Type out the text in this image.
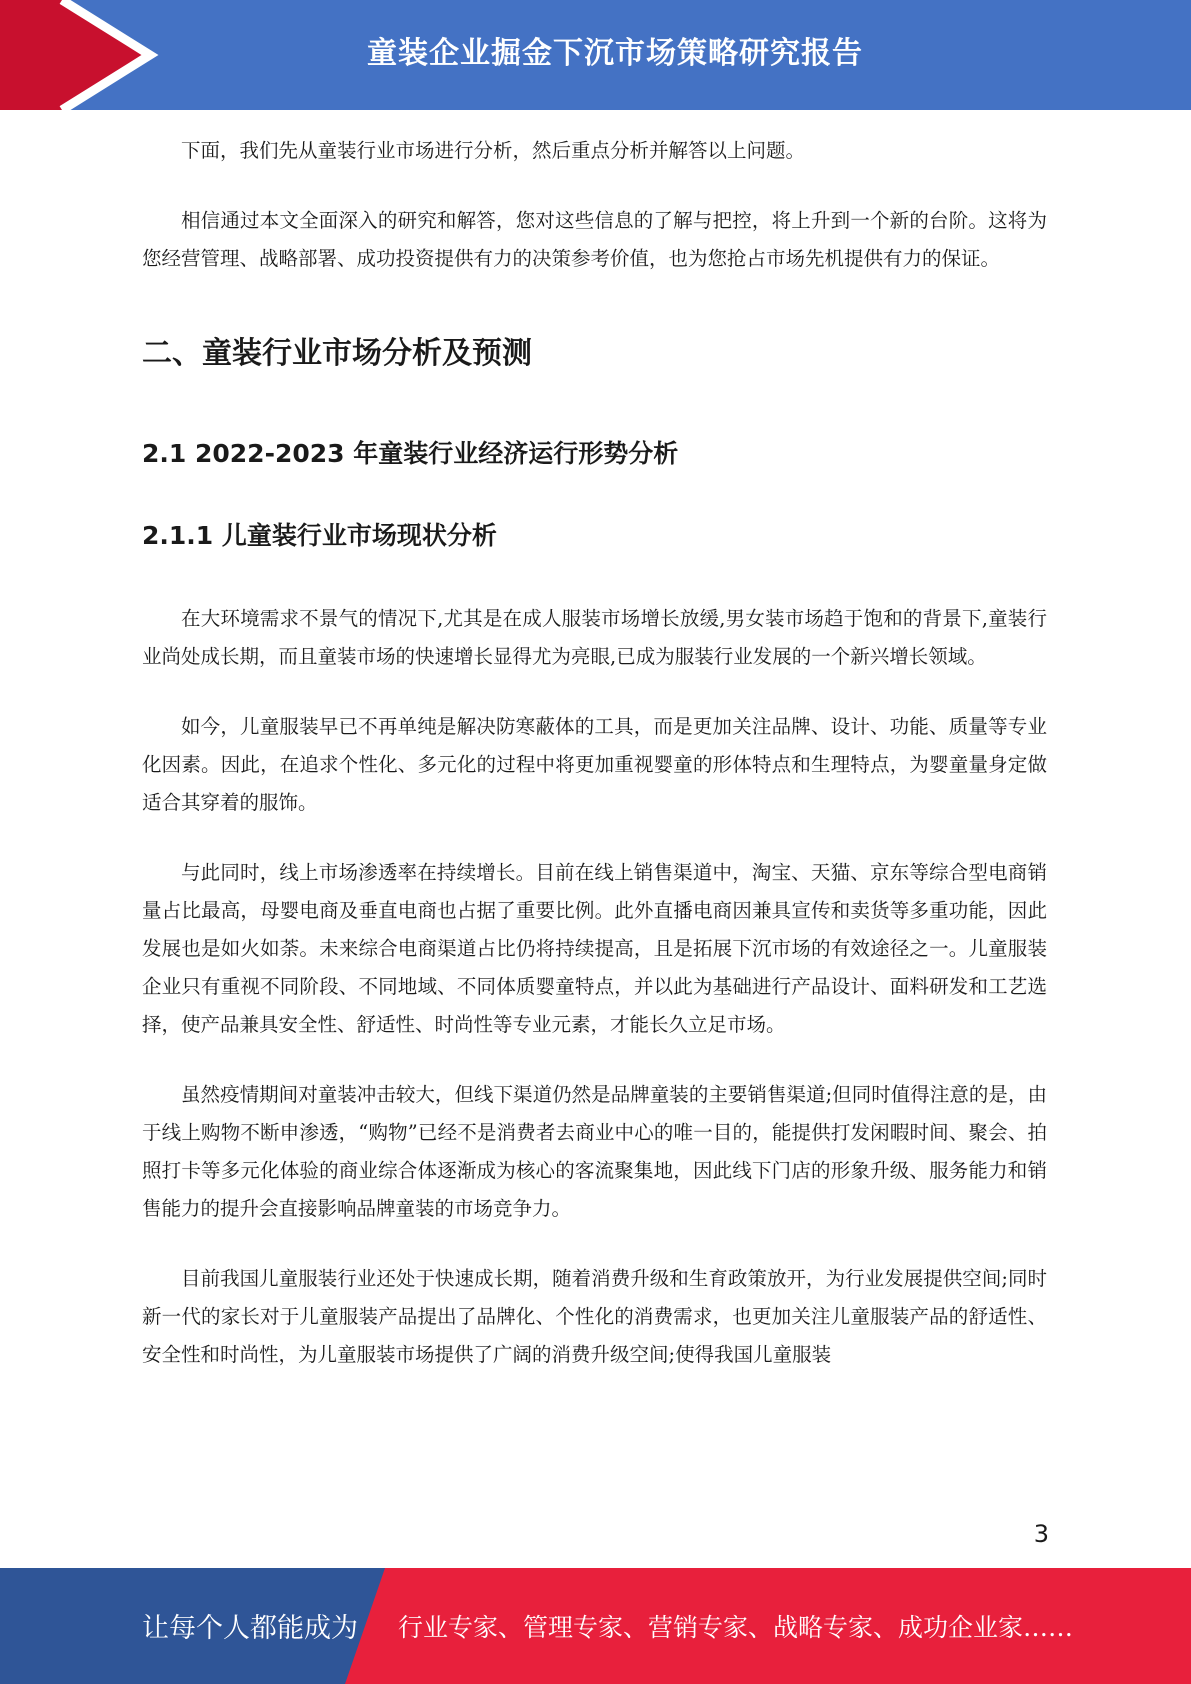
童装企业掘金下沉市场策略研究报告

下面，我们先从童装行业市场进行分析，然后重点分析并解答以上问题。

相信通过本文全面深入的研究和解答，您对这些信息的了解与把控，将上升到一个新的台阶。这将为您经营管理、战略部署、成功投资提供有力的决策参考价值，也为您抢占市场先机提供有力的保证。

二、童装行业市场分析及预测
2.1 2022-2023 年童装行业经济运行形势分析
2.1.1 儿童装行业市场现状分析

在大环境需求不景气的情况下,尤其是在成人服装市场增长放缓,男女装市场趋于饱和的背景下,童装行业尚处成长期，而且童装市场的快速增长显得尤为亮眼,已成为服装行业发展的一个新兴增长领域。

如今，儿童服装早已不再单纯是解决防寒蔽体的工具，而是更加关注品牌、设计、功能、质量等专业化因素。因此，在追求个性化、多元化的过程中将更加重视婴童的形体特点和生理特点，为婴童量身定做适合其穿着的服饰。

与此同时，线上市场渗透率在持续增长。目前在线上销售渠道中，淘宝、天猫、京东等综合型电商销量占比最高，母婴电商及垂直电商也占据了重要比例。此外直播电商因兼具宣传和卖货等多重功能，因此发展也是如火如荼。未来综合电商渠道占比仍将持续提高，且是拓展下沉市场的有效途径之一。儿童服装企业只有重视不同阶段、不同地域、不同体质婴童特点，并以此为基础进行产品设计、面料研发和工艺选择，使产品兼具安全性、舒适性、时尚性等专业元素，才能长久立足市场。

虽然疫情期间对童装冲击较大，但线下渠道仍然是品牌童装的主要销售渠道;但同时值得注意的是，由于线上购物不断申渗透，“购物”已经不是消费者去商业中心的唯一目的，能提供打发闲暇时间、聚会、拍照打卡等多元化体验的商业综合体逐渐成为核心的客流聚集地，因此线下门店的形象升级、服务能力和销售能力的提升会直接影响品牌童装的市场竞争力。

目前我国儿童服装行业还处于快速成长期，随着消费升级和生育政策放开，为行业发展提供空间;同时新一代的家长对于儿童服装产品提出了品牌化、个性化的消费需求，也更加关注儿童服装产品的舒适性、安全性和时尚性，为儿童服装市场提供了广阔的消费升级空间;使得我国儿童服装

3
让每个人都能成为 行业专家、管理专家、营销专家、战略专家、成功企业家……
